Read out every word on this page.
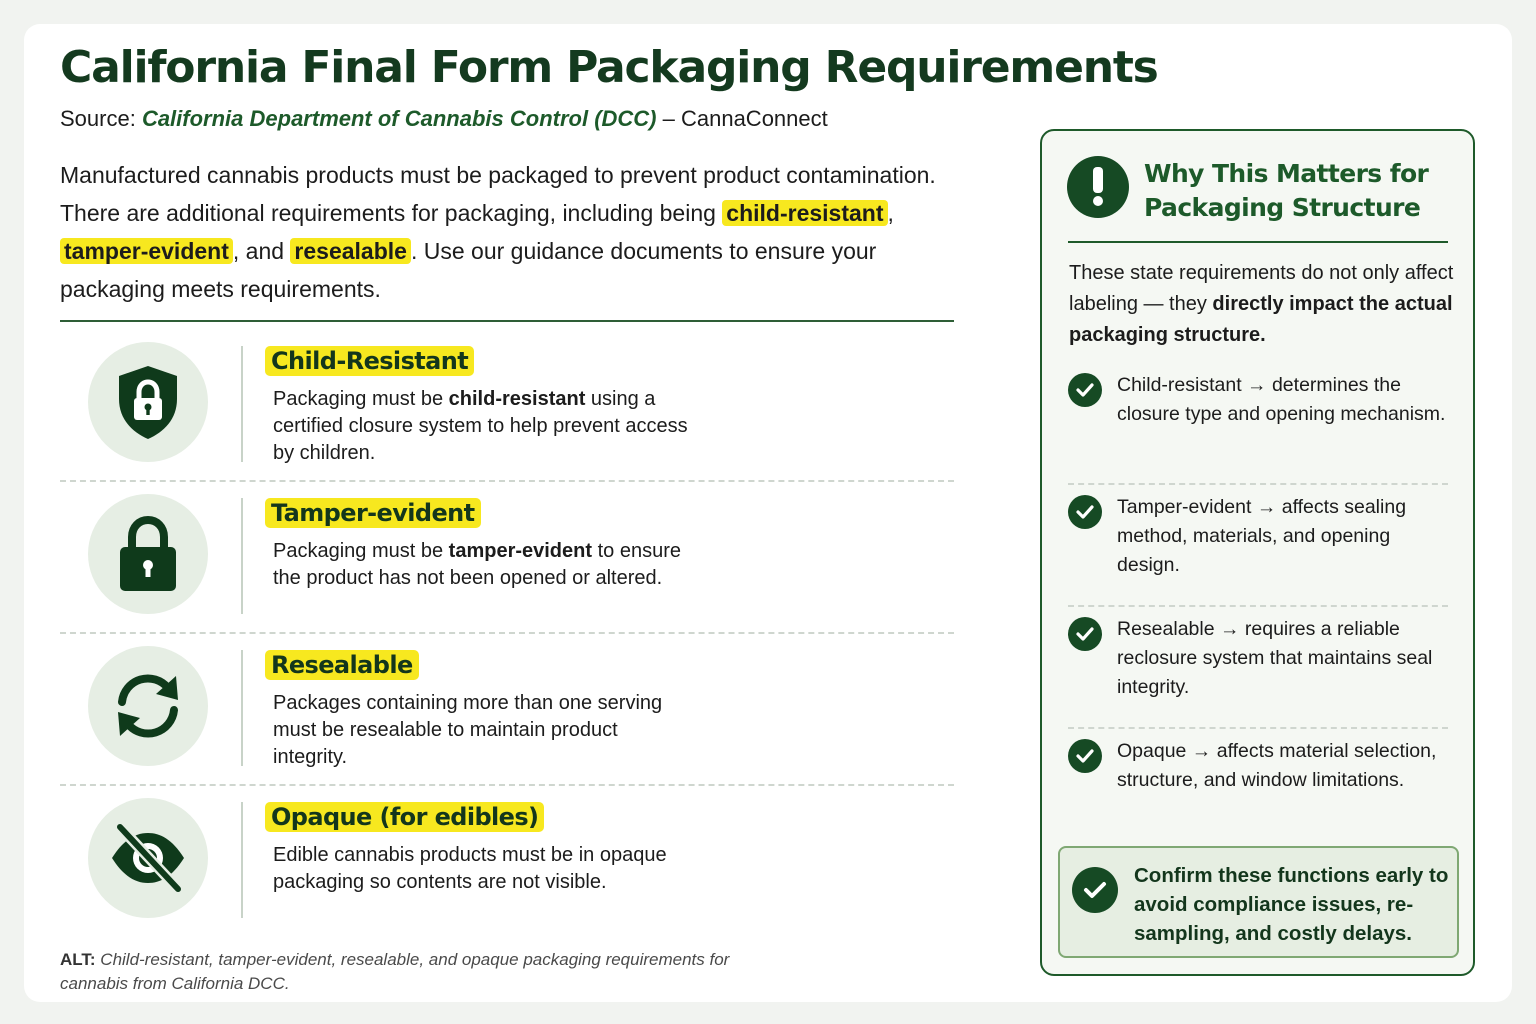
California Final Form Packaging Requirements
Source: California Department of Cannabis Control (DCC) – CannaConnect

Manufactured cannabis products must be packaged to prevent product contamination. There are additional requirements for packaging, including being child-resistant , tamper-evident , and resealable . Use our guidance documents to ensure your packaging meets requirements.

Child-Resistant
Packaging must be child-resistant using a certified closure system to help prevent access by children.
Tamper-evident
Packaging must be tamper-evident to ensure the product has not been opened or altered.
Resealable
Packages containing more than one serving must be resealable to maintain product integrity.
Opaque (for edibles)
Edible cannabis products must be in opaque packaging so contents are not visible.

ALT: Child-resistant, tamper-evident, resealable, and opaque packaging requirements for cannabis from California DCC.

Why This Matters for Packaging Structure

These state requirements do not only affect labeling — they directly impact the actual packaging structure.

Child-resistant → determines the closure type and opening mechanism.
Tamper-evident → affects sealing method, materials, and opening design.
Resealable → requires a reliable reclosure system that maintains seal integrity.
Opaque → affects material selection, structure, and window limitations.
Confirm these functions early to avoid compliance issues, re-sampling, and costly delays.
